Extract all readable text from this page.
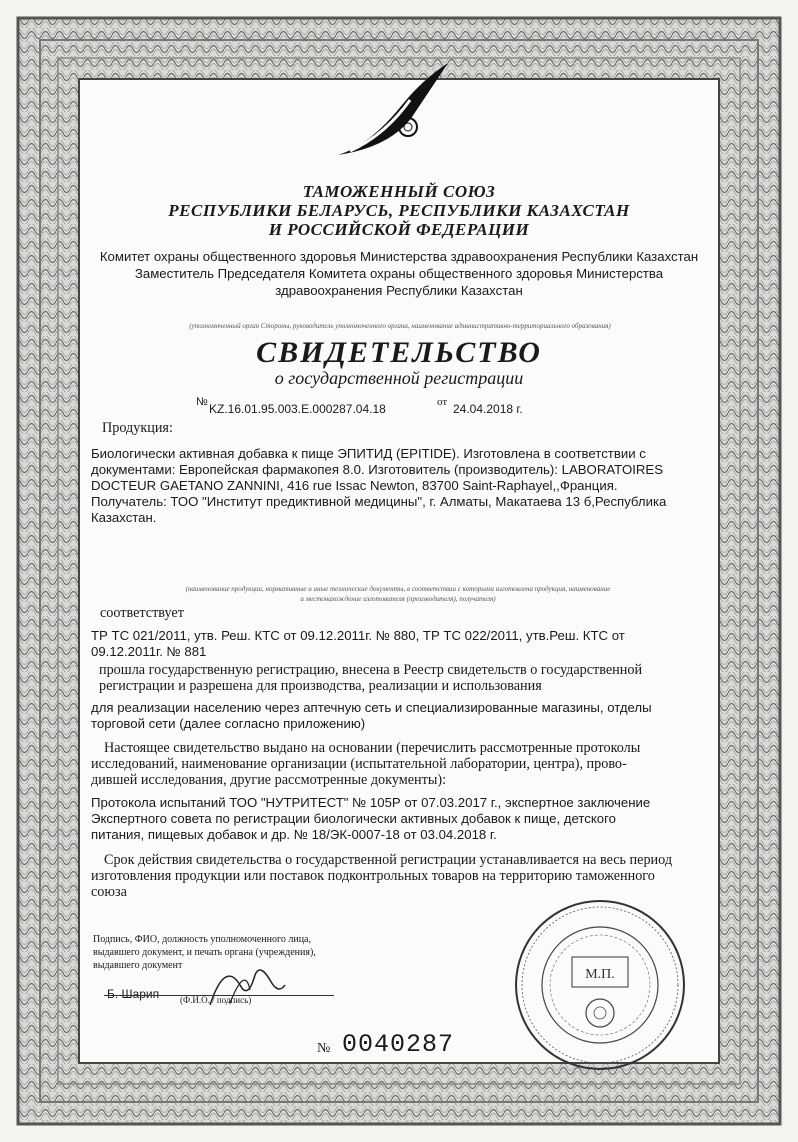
ТАМОЖЕННЫЙ СОЮЗ
РЕСПУБЛИКИ БЕЛАРУСЬ, РЕСПУБЛИКИ КАЗАХСТАН
И РОССИЙСКОЙ ФЕДЕРАЦИИ
Комитет охраны общественного здоровья Министерства здравоохранения Республики Казахстан
Заместитель Председателя Комитета охраны общественного здоровья Министерства
здравоохранения Республики Казахстан
(уполномоченный орган Стороны, руководитель уполномоченного органа, наименование административно-территориального образования)
СВИДЕТЕЛЬСТВО
о государственной регистрации
№ KZ.16.01.95.003.Е.000287.04.18	от 24.04.2018 г.
Продукция:
Биологически активная добавка к пище ЭПИТИД (EPITIDE). Изготовлена в соответствии с
документами: Европейская фармакопея 8.0. Изготовитель (производитель): LABORATOIRES
DOCTEUR GAETANO ZANNINI, 416 rue Issac Newton, 83700 Saint-Raphayel,,Франция.
Получатель: ТОО "Институт предиктивной медицины", г. Алматы, Макатаева 13 б,Республика
Казахстан.
(наименование продукции, нормативные и иные технические документы, в соответствии с которыми изготовлена продукция, наименование
и местонахождение изготовителя (производителя), получателя)
соответствует
ТР ТС 021/2011, утв. Реш. КТС от 09.12.2011г. № 880, ТР ТС 022/2011, утв.Реш. КТС от
09.12.2011г. № 881
прошла государственную регистрацию, внесена в Реестр свидетельств о государственной
регистрации и разрешена для производства, реализации и использования
для реализации населению через аптечную сеть и специализированные магазины, отделы
торговой сети (далее согласно приложению)
Настоящее свидетельство выдано на основании (перечислить рассмотренные протоколы
исследований, наименование организации (испытательной лаборатории, центра), прово-
дившей исследования, другие рассмотренные документы):
Протокола испытаний ТОО "НУТРИТЕСТ" № 105Р от 07.03.2017 г., экспертное заключение
Экспертного совета по регистрации биологически активных добавок к пище, детского
питания, пищевых добавок и др. № 18/ЭК-0007-18 от 03.04.2018 г.
Срок действия свидетельства о государственной регистрации устанавливается на весь период
изготовления продукции или поставок подконтрольных товаров на территорию таможенного
союза
Подпись, ФИО, должность уполномоченного лица,
выдавшего документ, и печать органа (учреждения),
выдавшего документ
Б. Шарип (Ф.И.О. / подпись)
№ 0040287
M.П.
